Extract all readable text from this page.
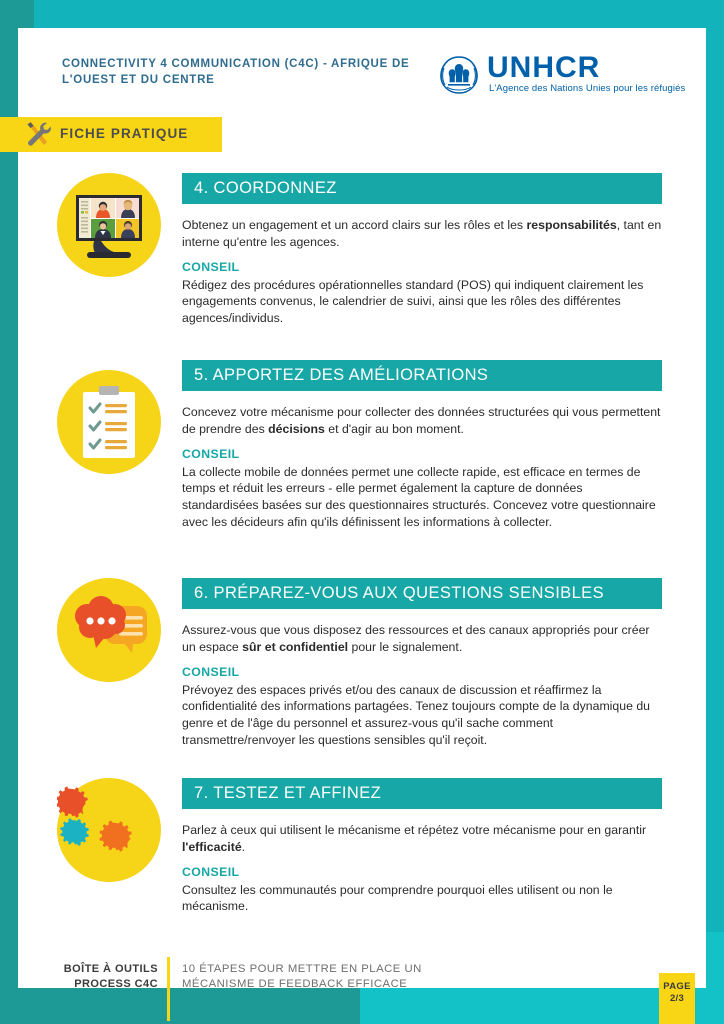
CONNECTIVITY 4 COMMUNICATION (C4C) - AFRIQUE DE L'OUEST ET DU CENTRE	UNHCR
L'Agence des Nations Unies pour les réfugiés
FICHE PRATIQUE
4. COORDONNEZ

Obtenez un engagement et un accord clairs sur les rôles et les responsabilités, tant en interne qu'entre les agences.

CONSEIL

Rédigez des procédures opérationnelles standard (POS) qui indiquent clairement les engagements convenus, le calendrier de suivi, ainsi que les rôles des différentes agences/individus.

5. APPORTEZ DES AMÉLIORATIONS

Concevez votre mécanisme pour collecter des données structurées qui vous permettent de prendre des décisions et d'agir au bon moment.

CONSEIL

La collecte mobile de données permet une collecte rapide, est efficace en termes de temps et réduit les erreurs - elle permet également la capture de données standardisées basées sur des questionnaires structurés. Concevez votre questionnaire avec les décideurs afin qu'ils définissent les informations à collecter.

6. PRÉPAREZ-VOUS AUX QUESTIONS SENSIBLES

Assurez-vous que vous disposez des ressources et des canaux appropriés pour créer un espace sûr et confidentiel pour le signalement.

CONSEIL

Prévoyez des espaces privés et/ou des canaux de discussion et réaffirmez la confidentialité des informations partagées. Tenez toujours compte de la dynamique du genre et de l'âge du personnel et assurez-vous qu'il sache comment transmettre/renvoyer les questions sensibles qu'il reçoit.

7. TESTEZ ET AFFINEZ

Parlez à ceux qui utilisent le mécanisme et répétez votre mécanisme pour en garantir l'efficacité.

CONSEIL

Consultez les communautés pour comprendre pourquoi elles utilisent ou non le mécanisme.

BOÎTE À OUTILS
PROCESS C4C
10 ÉTAPES POUR METTRE EN PLACE UN
MÉCANISME DE FEEDBACK EFFICACE	PAGE
2/3
